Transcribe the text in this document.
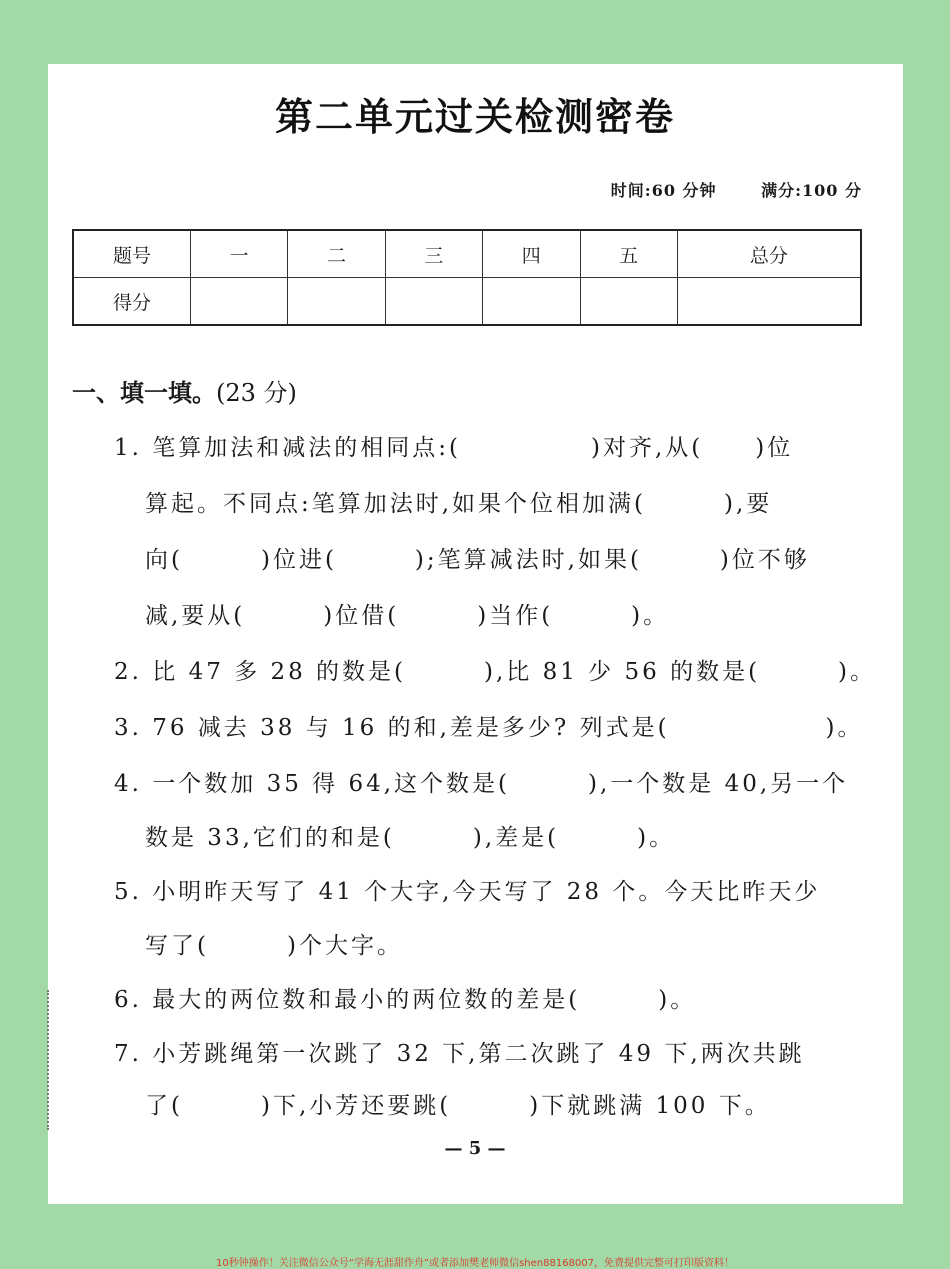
第二单元过关检测密卷
时间:60 分钟	满分:100 分
题号	一	二	三	四	五	总分
得分						
一、填一填。(23 分)
1. 笔算加法和减法的相同点:(　　　　　)对齐,从(　　)位
算起。不同点:笔算加法时,如果个位相加满(　　　),要
向(　　　)位进(　　　);笔算减法时,如果(　　　)位不够
减,要从(　　　)位借(　　　)当作(　　　)。
2. 比 47 多 28 的数是(　　　),比 81 少 56 的数是(　　　)。
3. 76 减去 38 与 16 的和,差是多少? 列式是(　　　　　　)。
4. 一个数加 35 得 64,这个数是(　　　),一个数是 40,另一个
数是 33,它们的和是(　　　),差是(　　　)。
5. 小明昨天写了 41 个大字,今天写了 28 个。今天比昨天少
写了(　　　)个大字。
6. 最大的两位数和最小的两位数的差是(　　　)。
7. 小芳跳绳第一次跳了 32 下,第二次跳了 49 下,两次共跳
了(　　　)下,小芳还要跳(　　　)下就跳满 100 下。
— 5 —
10秒钟操作！关注微信公众号“学海无涯甜作舟”或者添加樊老师微信shen88168007，免费提供完整可打印版资料！
